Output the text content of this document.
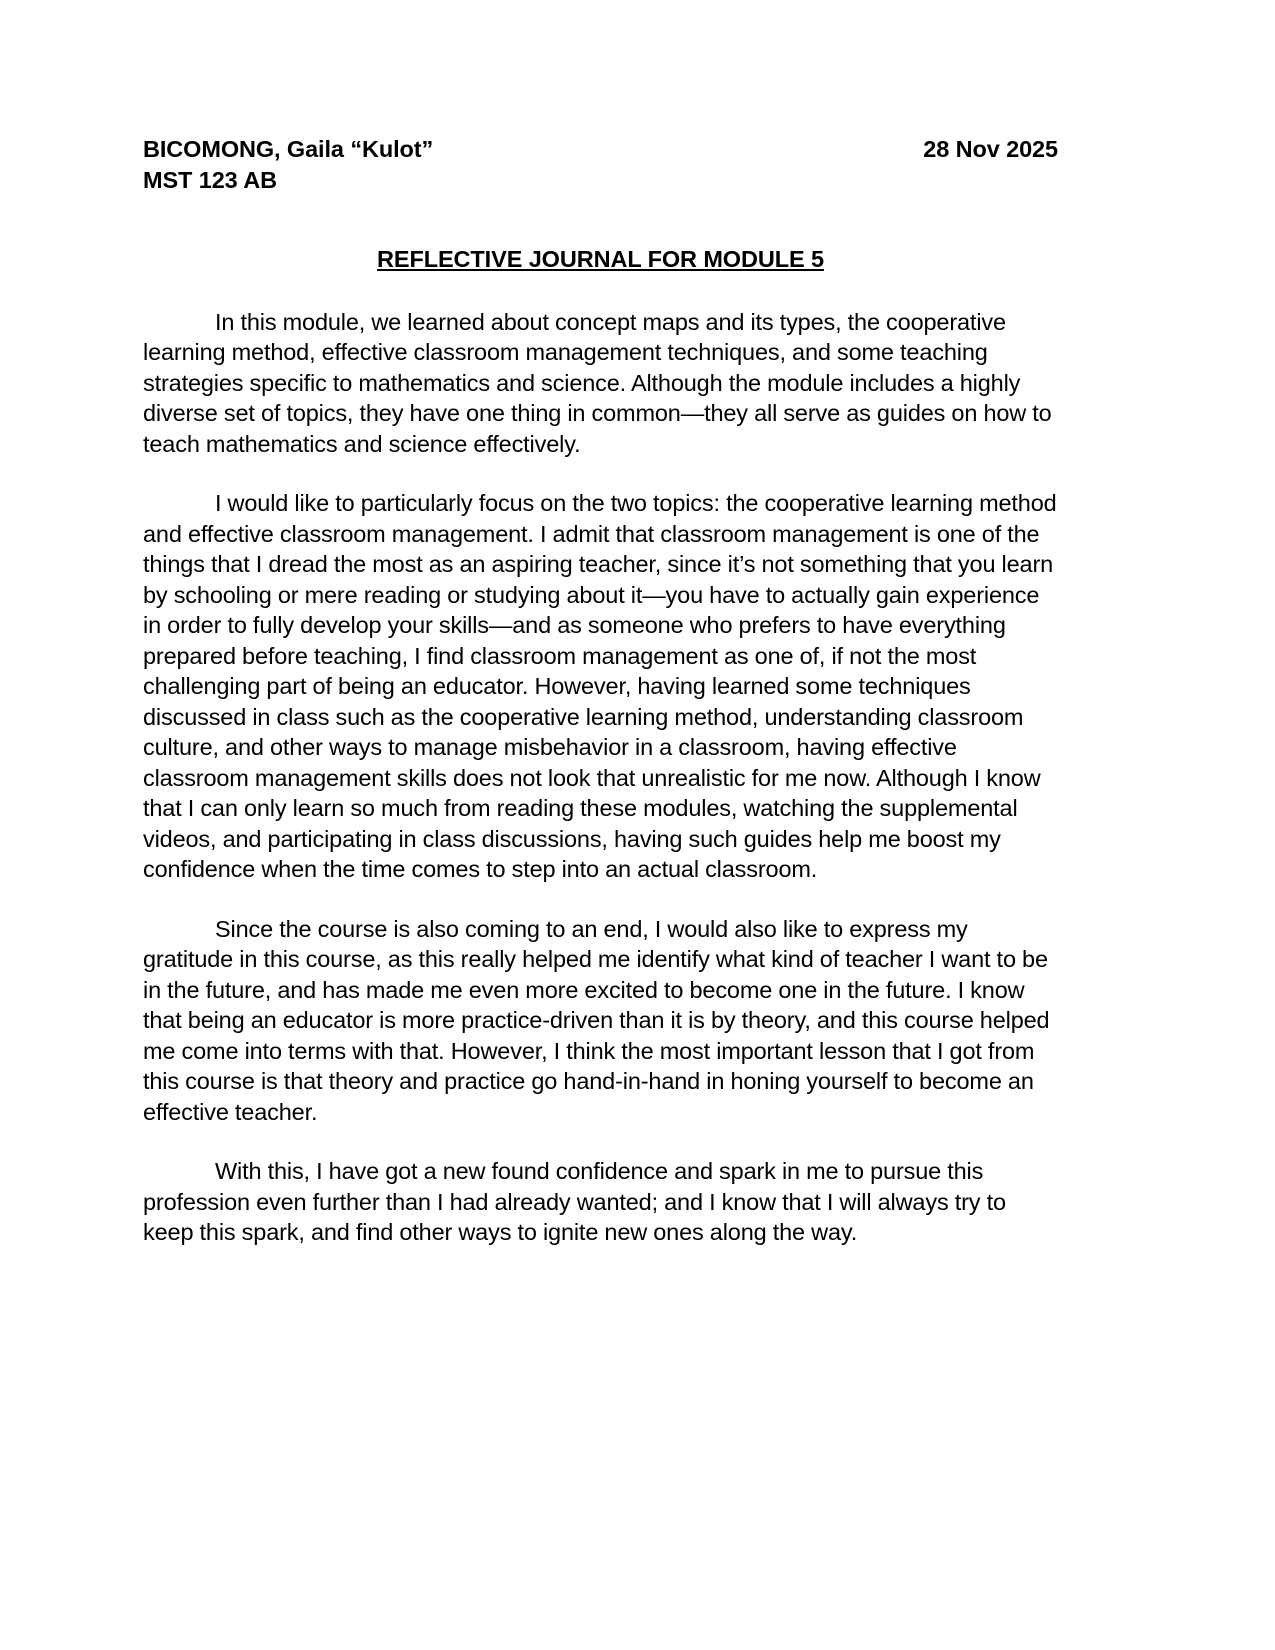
BICOMONG, Gaila “Kulot”	28 Nov 2025
MST 123 AB
REFLECTIVE JOURNAL FOR MODULE 5

In this module, we learned about concept maps and its types, the cooperative learning method, effective classroom management techniques, and some teaching strategies specific to mathematics and science. Although the module includes a highly diverse set of topics, they have one thing in common—they all serve as guides on how to teach mathematics and science effectively.

I would like to particularly focus on the two topics: the cooperative learning method and effective classroom management. I admit that classroom management is one of the things that I dread the most as an aspiring teacher, since it’s not something that you learn by schooling or mere reading or studying about it—you have to actually gain experience in order to fully develop your skills—and as someone who prefers to have everything prepared before teaching, I find classroom management as one of, if not the most challenging part of being an educator. However, having learned some techniques discussed in class such as the cooperative learning method, understanding classroom culture, and other ways to manage misbehavior in a classroom, having effective classroom management skills does not look that unrealistic for me now. Although I know that I can only learn so much from reading these modules, watching the supplemental videos, and participating in class discussions, having such guides help me boost my confidence when the time comes to step into an actual classroom.

Since the course is also coming to an end, I would also like to express my gratitude in this course, as this really helped me identify what kind of teacher I want to be in the future, and has made me even more excited to become one in the future. I know that being an educator is more practice-driven than it is by theory, and this course helped me come into terms with that. However, I think the most important lesson that I got from this course is that theory and practice go hand-in-hand in honing yourself to become an effective teacher.

With this, I have got a new found confidence and spark in me to pursue this profession even further than I had already wanted; and I know that I will always try to keep this spark, and find other ways to ignite new ones along the way.
